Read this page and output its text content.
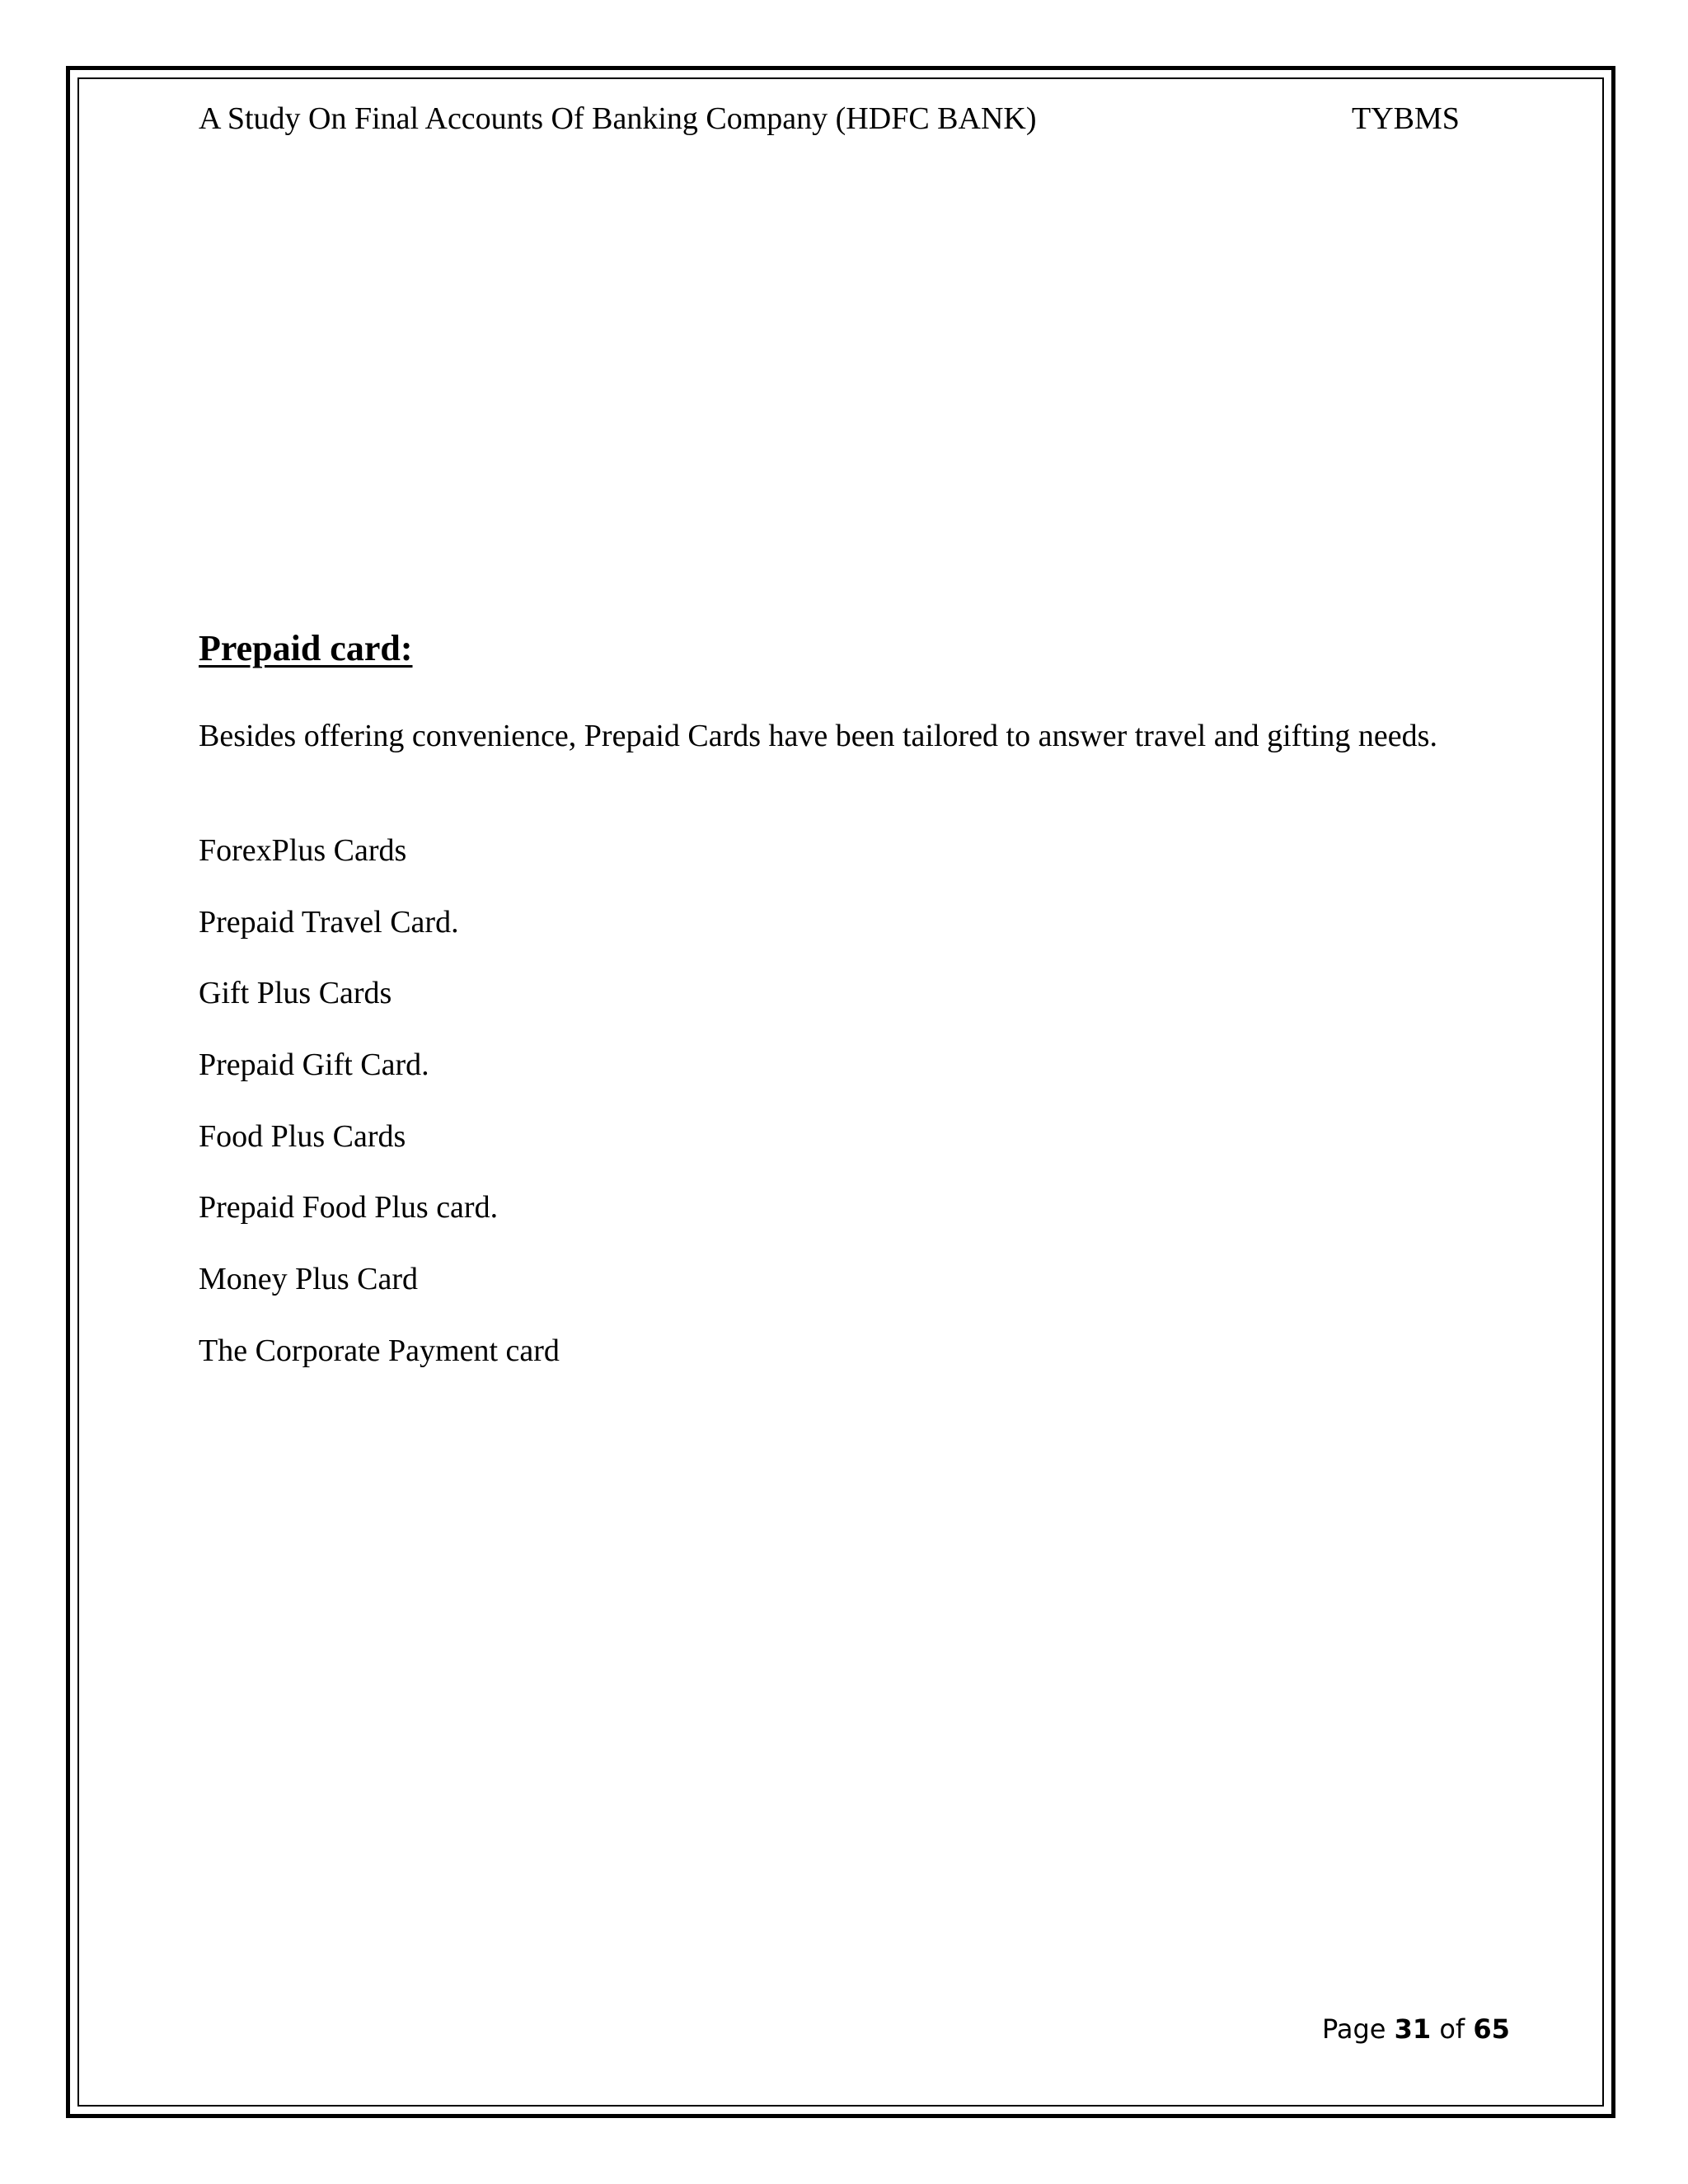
A Study On Final Accounts Of Banking Company (HDFC BANK)	TYBMS
Prepaid card:
Besides offering convenience, Prepaid Cards have been tailored to answer travel and gifting needs.
ForexPlus Cards
Prepaid Travel Card.
Gift Plus Cards
Prepaid Gift Card.
Food Plus Cards
Prepaid Food Plus card.
Money Plus Card
The Corporate Payment card
Page 31 of 65
